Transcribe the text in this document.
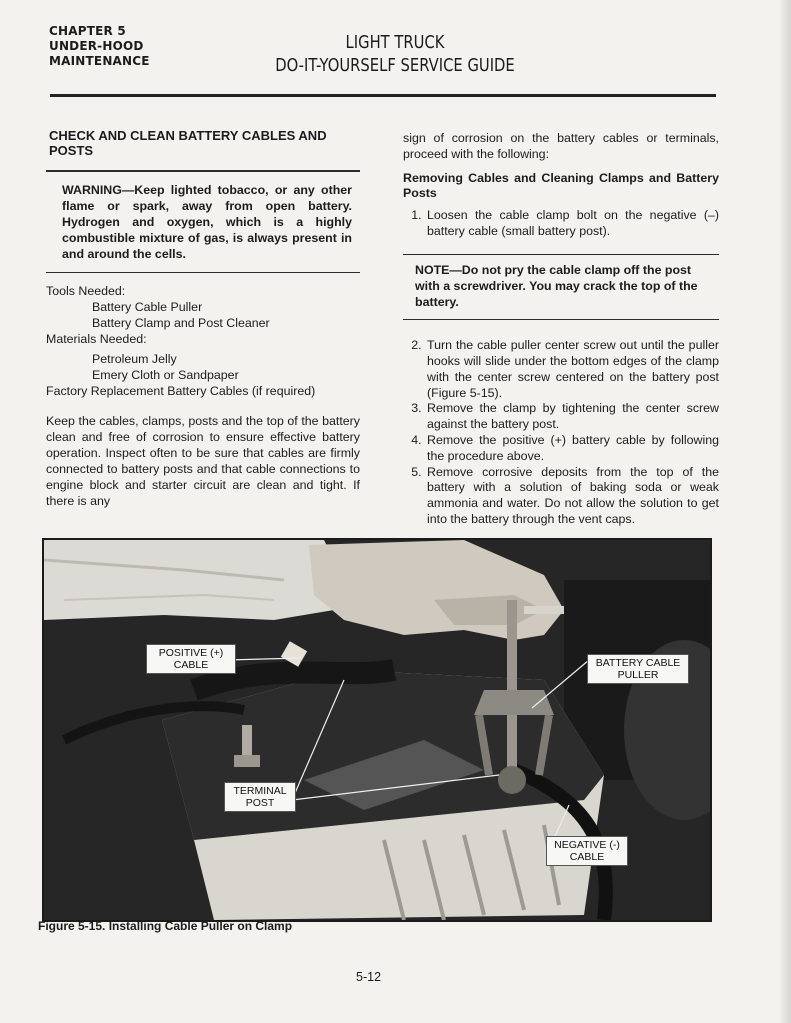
CHAPTER 5
UNDER-HOOD
MAINTENANCE
LIGHT TRUCK
DO-IT-YOURSELF SERVICE GUIDE
CHECK AND CLEAN BATTERY CABLES AND POSTS
WARNING—Keep lighted tobacco, or any other flame or spark, away from open battery. Hydrogen and oxygen, which is a highly combustible mixture of gas, is always present in and around the cells.

Tools Needed:

Battery Cable Puller

Battery Clamp and Post Cleaner

Materials Needed:

Petroleum Jelly

Emery Cloth or Sandpaper

Factory Replacement Battery Cables (if required)

Keep the cables, clamps, posts and the top of the battery clean and free of corrosion to ensure effective battery operation. Inspect often to be sure that cables are firmly connected to battery posts and that cable connections to engine block and starter circuit are clean and tight. If there is any

sign of corrosion on the battery cables or terminals, proceed with the following:

Removing Cables and Cleaning Clamps and Battery Posts
1. Loosen the cable clamp bolt on the negative (–) battery cable (small battery post).
NOTE—Do not pry the cable clamp off the post with a screwdriver. You may crack the top of the battery.
2. Turn the cable puller center screw out until the puller hooks will slide under the bottom edges of the clamp with the center screw centered on the battery post (Figure 5-15).
3. Remove the clamp by tightening the center screw against the battery post.
4. Remove the positive (+) battery cable by following the procedure above.
5. Remove corrosive deposits from the top of the battery with a solution of baking soda or weak ammonia and water. Do not allow the solution to get into the battery through the vent caps.
POSITIVE (+) CABLE	BATTERY CABLE PULLER
TERMINAL POST
NEGATIVE (-) CABLE
Figure 5-15. Installing Cable Puller on Clamp
5-12
